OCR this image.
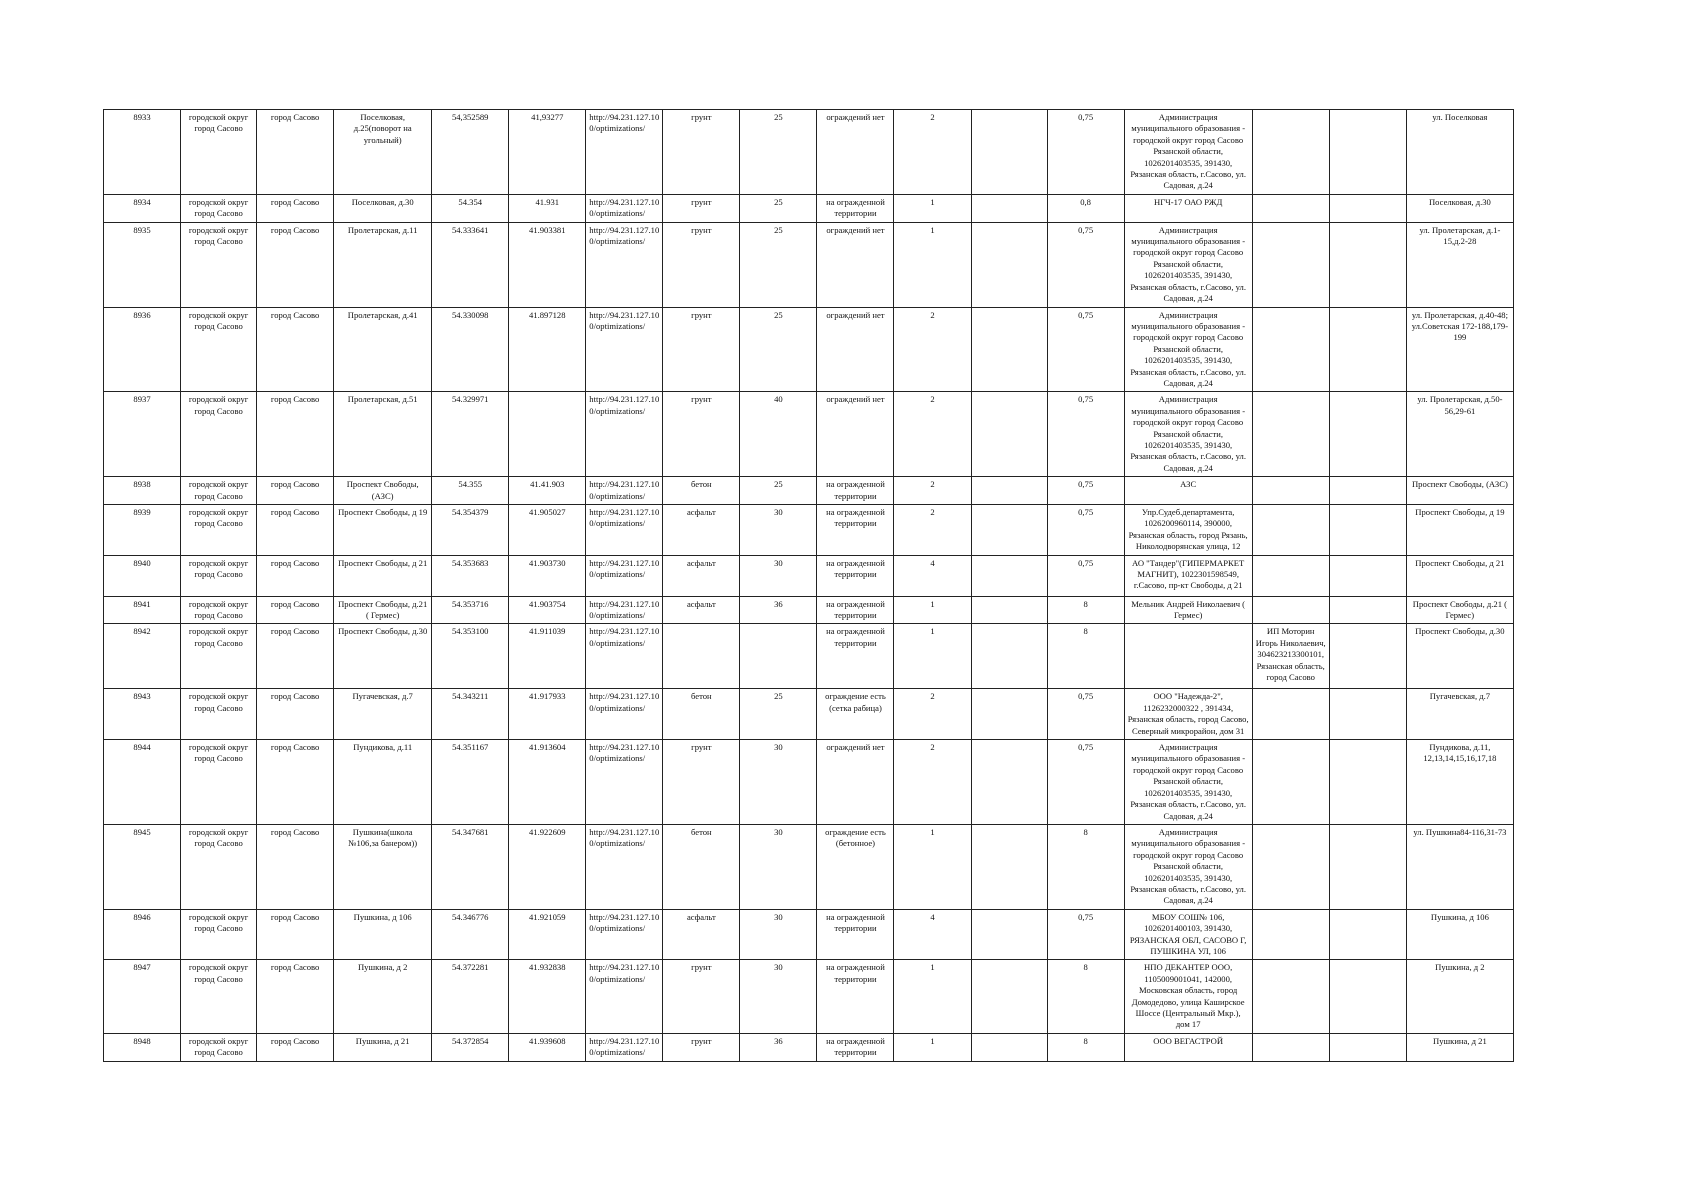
8933	городской округ город Сасово	город Сасово	Поселковая, д.25(поворот на угольный)	54,352589	41,93277	http://94.231.127.100/optimizations/	грунт	25	ограждений нет	2		0,75	Администрация муниципального образования - городской округ город Сасово Рязанской области, 1026201403535, 391430, Рязанская область, г.Сасово, ул. Садовая, д.24			ул. Поселковая
8934	городской округ город Сасово	город Сасово	Поселковая, д.30	54.354	41.931	http://94.231.127.100/optimizations/	грунт	25	на огражденной территории	1		0,8	НГЧ-17 ОАО РЖД			Поселковая, д.30
8935	городской округ город Сасово	город Сасово	Пролетарская, д.11	54.333641	41.903381	http://94.231.127.100/optimizations/	грунт	25	ограждений нет	1		0,75	Администрация муниципального образования - городской округ город Сасово Рязанской области, 1026201403535, 391430, Рязанская область, г.Сасово, ул. Садовая, д.24			ул. Пролетарская, д.1-15,д.2-28
8936	городской округ город Сасово	город Сасово	Пролетарская, д.41	54.330098	41.897128	http://94.231.127.100/optimizations/	грунт	25	ограждений нет	2		0,75	Администрация муниципального образования - городской округ город Сасово Рязанской области, 1026201403535, 391430, Рязанская область, г.Сасово, ул. Садовая, д.24			ул. Пролетарская, д.40-48; ул.Советская 172-188,179-199
8937	городской округ город Сасово	город Сасово	Пролетарская, д.51	54.329971		http://94.231.127.100/optimizations/	грунт	40	ограждений нет	2		0,75	Администрация муниципального образования - городской округ город Сасово Рязанской области, 1026201403535, 391430, Рязанская область, г.Сасово, ул. Садовая, д.24			ул. Пролетарская, д.50-56,29-61
8938	городской округ город Сасово	город Сасово	Проспект Свободы, (АЗС)	54.355	41.41.903	http://94.231.127.100/optimizations/	бетон	25	на огражденной территории	2		0,75	АЗС			Проспект Свободы, (АЗС)
8939	городской округ город Сасово	город Сасово	Проспект Свободы, д 19	54.354379	41.905027	http://94.231.127.100/optimizations/	асфальт	30	на огражденной территории	2		0,75	Упр.Судеб.департамента, 1026200960114, 390000, Рязанская область, город Рязань, Николодворянская улица, 12			Проспект Свободы, д 19
8940	городской округ город Сасово	город Сасово	Проспект Свободы, д 21	54.353683	41.903730	http://94.231.127.100/optimizations/	асфальт	30	на огражденной территории	4		0,75	АО "Тандер"(ГИПЕРМАРКЕТ МАГНИТ), 1022301598549, г.Сасово, пр-кт Свободы, д 21			Проспект Свободы, д 21
8941	городской округ город Сасово	город Сасово	Проспект Свободы, д.21 ( Гермес)	54.353716	41.903754	http://94.231.127.100/optimizations/	асфальт	36	на огражденной территории	1		8	Мельник Андрей Николаевич ( Гермес)			Проспект Свободы, д.21 ( Гермес)
8942	городской округ город Сасово	город Сасово	Проспект Свободы, д.30	54.353100	41.911039	http://94.231.127.100/optimizations/			на огражденной территории	1		8		ИП Моторин Игорь Николаевич, 304623213300101, Рязанская область, город Сасово		Проспект Свободы, д.30
8943	городской округ город Сасово	город Сасово	Пугачевская, д.7	54.343211	41.917933	http://94.231.127.100/optimizations/	бетон	25	ограждение есть (сетка рабица)	2		0,75	ООО "Надежда-2", 1126232000322 , 391434, Рязанская область, город Сасово, Северный микрорайон, дом 31			Пугачевская, д.7
8944	городской округ город Сасово	город Сасово	Пундикова, д.11	54.351167	41.913604	http://94.231.127.100/optimizations/	грунт	30	ограждений нет	2		0,75	Администрация муниципального образования - городской округ город Сасово Рязанской области, 1026201403535, 391430, Рязанская область, г.Сасово, ул. Садовая, д.24			Пундикова, д.11, 12,13,14,15,16,17,18
8945	городской округ город Сасово	город Сасово	Пушкина(школа №106,за банером))	54.347681	41.922609	http://94.231.127.100/optimizations/	бетон	30	ограждение есть (бетонное)	1		8	Администрация муниципального образования - городской округ город Сасово Рязанской области, 1026201403535, 391430, Рязанская область, г.Сасово, ул. Садовая, д.24			ул. Пушкина84-116,31-73
8946	городской округ город Сасово	город Сасово	Пушкина, д 106	54.346776	41.921059	http://94.231.127.100/optimizations/	асфальт	30	на огражденной территории	4		0,75	МБОУ СОШ№ 106, 1026201400103, 391430, РЯЗАНСКАЯ ОБЛ, САСОВО Г, ПУШКИНА УЛ, 106			Пушкина, д 106
8947	городской округ город Сасово	город Сасово	Пушкина, д 2	54.372281	41.932838	http://94.231.127.100/optimizations/	грунт	30	на огражденной территории	1		8	НПО ДЕКАНТЕР ООО, 1105009001041, 142000, Московская область, город Домодедово, улица Каширское Шоссе (Центральный Мкр.), дом 17			Пушкина, д 2
8948	городской округ город Сасово	город Сасово	Пушкина, д 21	54.372854	41.939608	http://94.231.127.100/optimizations/	грунт	36	на огражденной территории	1		8	ООО ВЕГАСТРОЙ			Пушкина, д 21
